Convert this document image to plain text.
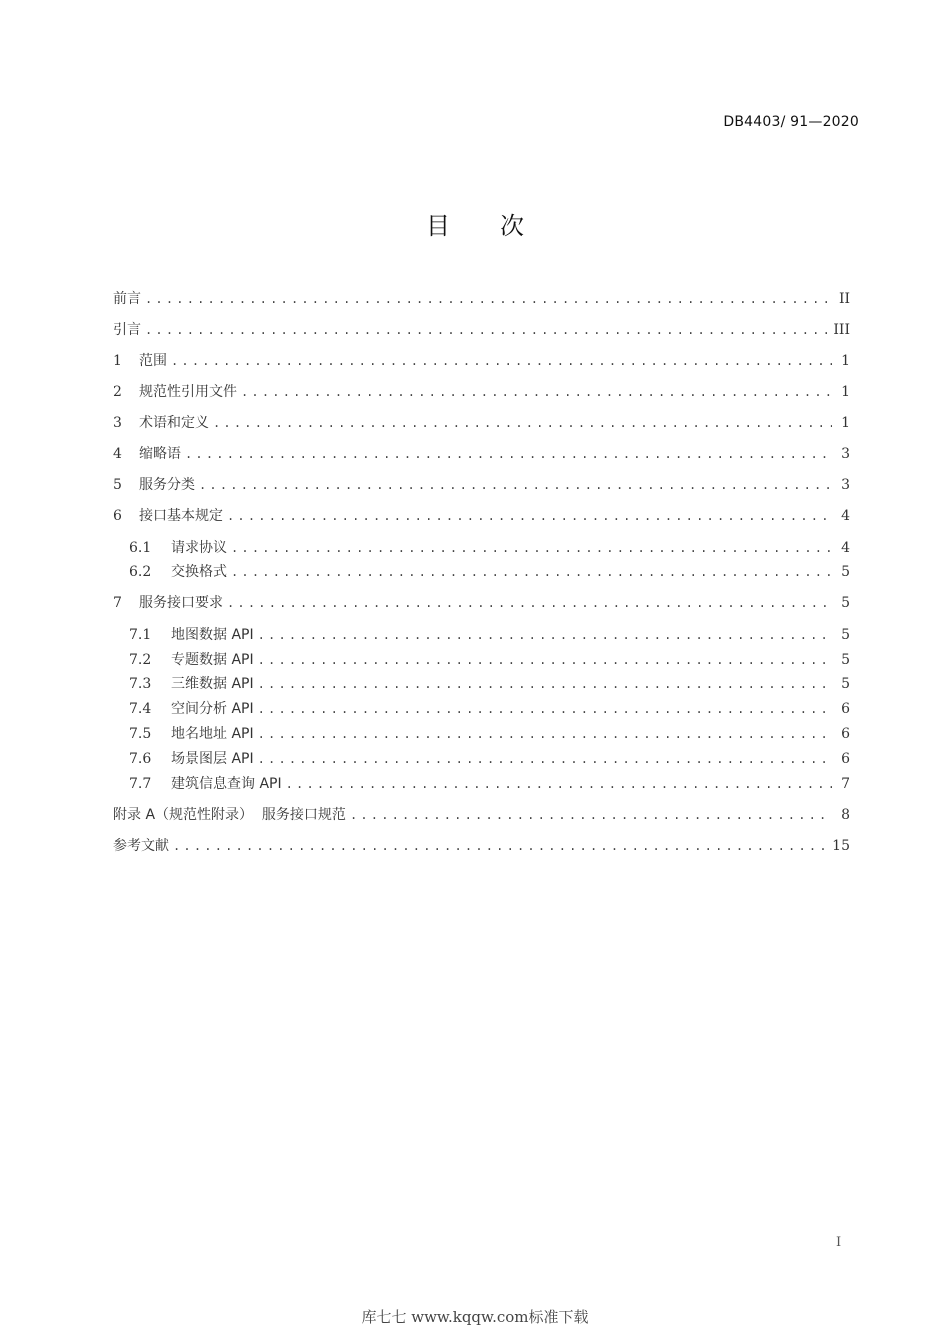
DB4403/ 91—2020
目 次
前言 .....	II
引言 .....	III
1	范围 .....	1
2	规范性引用文件 .....	1
3	术语和定义 .....	1
4	缩略语 .....	3
5	服务分类 .....	3
6	接口基本规定 .....	4
6.1	请求协议 .....	4
6.2	交换格式 .....	5
7	服务接口要求 .....	5
7.1	地图数据 API .....	5
7.2	专题数据 API .....	5
7.3	三维数据 API .....	5
7.4	空间分析 API .....	6
7.5	地名地址 API .....	6
7.6	场景图层 API .....	6
7.7	建筑信息查询 API .....	7
附录 A（规范性附录）  服务接口规范 .....	8
参考文献 .....	15
I
库七七 www.kqqw.com标准下载
